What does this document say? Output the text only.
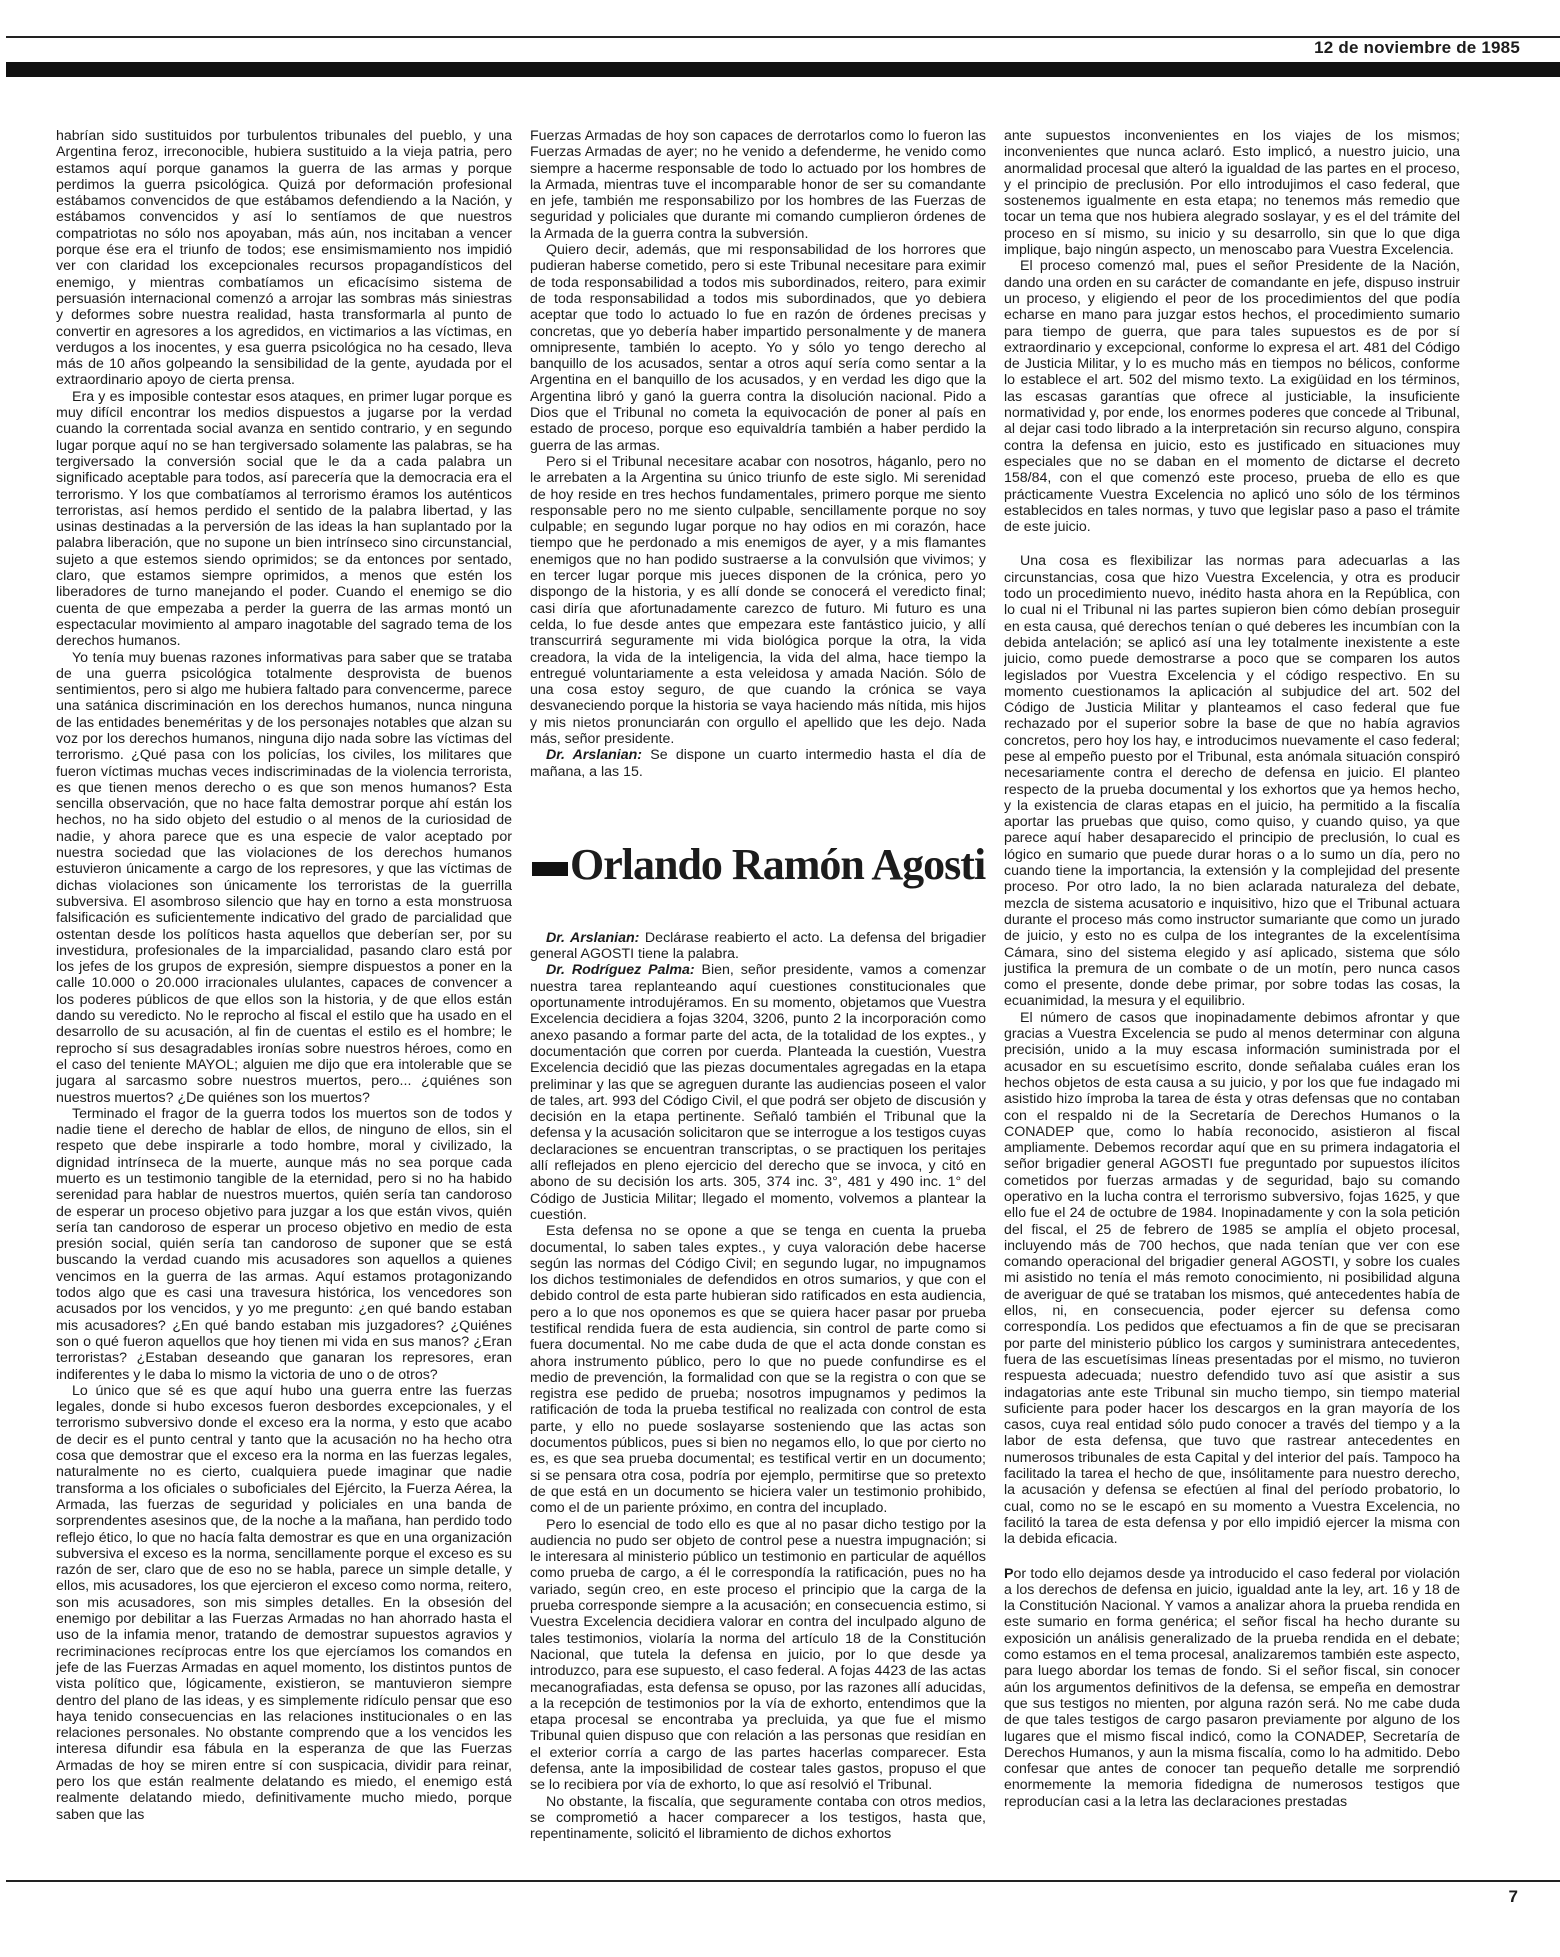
12 de noviembre de 1985

habrían sido sustituidos por turbulentos tribunales del pueblo, y una Argentina feroz, irreconocible, hubiera sustituido a la vieja patria, pero estamos aquí porque ganamos la guerra de las armas y porque perdimos la guerra psicológica. Quizá por deformación profesional estábamos convencidos de que estábamos defendiendo a la Nación, y estábamos convencidos y así lo sentíamos de que nuestros compatriotas no sólo nos apoyaban, más aún, nos incitaban a vencer porque ése era el triunfo de todos; ese ensimismamiento nos impidió ver con claridad los excepcionales recursos propagandísticos del enemigo, y mientras combatíamos un eficacísimo sistema de persuasión internacional comenzó a arrojar las sombras más siniestras y deformes sobre nuestra realidad, hasta transformarla al punto de convertir en agresores a los agredidos, en victimarios a las víctimas, en verdugos a los inocentes, y esa guerra psicológica no ha cesado, lleva más de 10 años golpeando la sensibilidad de la gente, ayudada por el extraordinario apoyo de cierta prensa.

Era y es imposible contestar esos ataques, en primer lugar porque es muy difícil encontrar los medios dispuestos a jugarse por la verdad cuando la correntada social avanza en sentido contrario, y en segundo lugar porque aquí no se han tergiversado solamente las palabras, se ha tergiversado la conversión social que le da a cada palabra un significado aceptable para todos, así parecería que la democracia era el terrorismo. Y los que combatíamos al terrorismo éramos los auténticos terroristas, así hemos perdido el sentido de la palabra libertad, y las usinas destinadas a la perversión de las ideas la han suplantado por la palabra liberación, que no supone un bien intrínseco sino circunstancial, sujeto a que estemos siendo oprimidos; se da entonces por sentado, claro, que estamos siempre oprimidos, a menos que estén los liberadores de turno manejando el poder. Cuando el enemigo se dio cuenta de que empezaba a perder la guerra de las armas montó un espectacular movimiento al amparo inagotable del sagrado tema de los derechos humanos.

Yo tenía muy buenas razones informativas para saber que se trataba de una guerra psicológica totalmente desprovista de buenos sentimientos, pero si algo me hubiera faltado para convencerme, parece una satánica discriminación en los derechos humanos, nunca ninguna de las entidades beneméritas y de los personajes notables que alzan su voz por los derechos humanos, ninguna dijo nada sobre las víctimas del terrorismo. ¿Qué pasa con los policías, los civiles, los militares que fueron víctimas muchas veces indiscriminadas de la violencia terrorista, es que tienen menos derecho o es que son menos humanos? Esta sencilla observación, que no hace falta demostrar porque ahí están los hechos, no ha sido objeto del estudio o al menos de la curiosidad de nadie, y ahora parece que es una especie de valor aceptado por nuestra sociedad que las violaciones de los derechos humanos estuvieron únicamente a cargo de los represores, y que las víctimas de dichas violaciones son únicamente los terroristas de la guerrilla subversiva. El asombroso silencio que hay en torno a esta monstruosa falsificación es suficientemente indicativo del grado de parcialidad que ostentan desde los políticos hasta aquellos que deberían ser, por su investidura, profesionales de la imparcialidad, pasando claro está por los jefes de los grupos de expresión, siempre dispuestos a poner en la calle 10.000 o 20.000 irracionales ululantes, capaces de convencer a los poderes públicos de que ellos son la historia, y de que ellos están dando su veredicto. No le reprocho al fiscal el estilo que ha usado en el desarrollo de su acusación, al fin de cuentas el estilo es el hombre; le reprocho sí sus desagradables ironías sobre nuestros héroes, como en el caso del teniente MAYOL; alguien me dijo que era intolerable que se jugara al sarcasmo sobre nuestros muertos, pero... ¿quiénes son nuestros muertos? ¿De quiénes son los muertos?

Terminado el fragor de la guerra todos los muertos son de todos y nadie tiene el derecho de hablar de ellos, de ninguno de ellos, sin el respeto que debe inspirarle a todo hombre, moral y civilizado, la dignidad intrínseca de la muerte, aunque más no sea porque cada muerto es un testimonio tangible de la eternidad, pero si no ha habido serenidad para hablar de nuestros muertos, quién sería tan candoroso de esperar un proceso objetivo para juzgar a los que están vivos, quién sería tan candoroso de esperar un proceso objetivo en medio de esta presión social, quién sería tan candoroso de suponer que se está buscando la verdad cuando mis acusadores son aquellos a quienes vencimos en la guerra de las armas. Aquí estamos protagonizando todos algo que es casi una travesura histórica, los vencedores son acusados por los vencidos, y yo me pregunto: ¿en qué bando estaban mis acusadores? ¿En qué bando estaban mis juzgadores? ¿Quiénes son o qué fueron aquellos que hoy tienen mi vida en sus manos? ¿Eran terroristas? ¿Estaban deseando que ganaran los represores, eran indiferentes y le daba lo mismo la victoria de uno o de otros?

Lo único que sé es que aquí hubo una guerra entre las fuerzas legales, donde si hubo excesos fueron desbordes excepcionales, y el terrorismo subversivo donde el exceso era la norma, y esto que acabo de decir es el punto central y tanto que la acusación no ha hecho otra cosa que demostrar que el exceso era la norma en las fuerzas legales, naturalmente no es cierto, cualquiera puede imaginar que nadie transforma a los oficiales o suboficiales del Ejército, la Fuerza Aérea, la Armada, las fuerzas de seguridad y policiales en una banda de sorprendentes asesinos que, de la noche a la mañana, han perdido todo reflejo ético, lo que no hacía falta demostrar es que en una organización subversiva el exceso es la norma, sencillamente porque el exceso es su razón de ser, claro que de eso no se habla, parece un simple detalle, y ellos, mis acusadores, los que ejercieron el exceso como norma, reitero, son mis acusadores, son mis simples detalles. En la obsesión del enemigo por debilitar a las Fuerzas Armadas no han ahorrado hasta el uso de la infamia menor, tratando de demostrar supuestos agravios y recriminaciones recíprocas entre los que ejercíamos los comandos en jefe de las Fuerzas Armadas en aquel momento, los distintos puntos de vista político que, lógicamente, existieron, se mantuvieron siempre dentro del plano de las ideas, y es simplemente ridículo pensar que eso haya tenido consecuencias en las relaciones institucionales o en las relaciones personales. No obstante comprendo que a los vencidos les interesa difundir esa fábula en la esperanza de que las Fuerzas Armadas de hoy se miren entre sí con suspicacia, dividir para reinar, pero los que están realmente delatando es miedo, el enemigo está realmente delatando miedo, definitivamente mucho miedo, porque saben que las

Fuerzas Armadas de hoy son capaces de derrotarlos como lo fueron las Fuerzas Armadas de ayer; no he venido a defenderme, he venido como siempre a hacerme responsable de todo lo actuado por los hombres de la Armada, mientras tuve el incomparable honor de ser su comandante en jefe, también me responsabilizo por los hombres de las Fuerzas de seguridad y policiales que durante mi comando cumplieron órdenes de la Armada de la guerra contra la subversión.

Quiero decir, además, que mi responsabilidad de los horrores que pudieran haberse cometido, pero si este Tribunal necesitare para eximir de toda responsabilidad a todos mis subordinados, reitero, para eximir de toda responsabilidad a todos mis subordinados, que yo debiera aceptar que todo lo actuado lo fue en razón de órdenes precisas y concretas, que yo debería haber impartido personalmente y de manera omnipresente, también lo acepto. Yo y sólo yo tengo derecho al banquillo de los acusados, sentar a otros aquí sería como sentar a la Argentina en el banquillo de los acusados, y en verdad les digo que la Argentina libró y ganó la guerra contra la disolución nacional. Pido a Dios que el Tribunal no cometa la equivocación de poner al país en estado de proceso, porque eso equivaldría también a haber perdido la guerra de las armas.

Pero si el Tribunal necesitare acabar con nosotros, háganlo, pero no le arrebaten a la Argentina su único triunfo de este siglo. Mi serenidad de hoy reside en tres hechos fundamentales, primero porque me siento responsable pero no me siento culpable, sencillamente porque no soy culpable; en segundo lugar porque no hay odios en mi corazón, hace tiempo que he perdonado a mis enemigos de ayer, y a mis flamantes enemigos que no han podido sustraerse a la convulsión que vivimos; y en tercer lugar porque mis jueces disponen de la crónica, pero yo dispongo de la historia, y es allí donde se conocerá el veredicto final; casi diría que afortunadamente carezco de futuro. Mi futuro es una celda, lo fue desde antes que empezara este fantástico juicio, y allí transcurrirá seguramente mi vida biológica porque la otra, la vida creadora, la vida de la inteligencia, la vida del alma, hace tiempo la entregué voluntariamente a esta veleidosa y amada Nación. Sólo de una cosa estoy seguro, de que cuando la crónica se vaya desvaneciendo porque la historia se vaya haciendo más nítida, mis hijos y mis nietos pronunciarán con orgullo el apellido que les dejo. Nada más, señor presidente.

Dr. Arslanian: Se dispone un cuarto intermedio hasta el día de mañana, a las 15.

Orlando Ramón Agosti

Dr. Arslanian: Declárase reabierto el acto. La defensa del brigadier general AGOSTI tiene la palabra.

Dr. Rodríguez Palma: Bien, señor presidente, vamos a comenzar nuestra tarea replanteando aquí cuestiones constitucionales que oportunamente introdujéramos. En su momento, objetamos que Vuestra Excelencia decidiera a fojas 3204, 3206, punto 2 la incorporación como anexo pasando a formar parte del acta, de la totalidad de los exptes., y documentación que corren por cuerda. Planteada la cuestión, Vuestra Excelencia decidió que las piezas documentales agregadas en la etapa preliminar y las que se agreguen durante las audiencias poseen el valor de tales, art. 993 del Código Civil, el que podrá ser objeto de discusión y decisión en la etapa pertinente. Señaló también el Tribunal que la defensa y la acusación solicitaron que se interrogue a los testigos cuyas declaraciones se encuentran transcriptas, o se practiquen los peritajes allí reflejados en pleno ejercicio del derecho que se invoca, y citó en abono de su decisión los arts. 305, 374 inc. 3°, 481 y 490 inc. 1° del Código de Justicia Militar; llegado el momento, volvemos a plantear la cuestión.

Esta defensa no se opone a que se tenga en cuenta la prueba documental, lo saben tales exptes., y cuya valoración debe hacerse según las normas del Código Civil; en segundo lugar, no impugnamos los dichos testimoniales de defendidos en otros sumarios, y que con el debido control de esta parte hubieran sido ratificados en esta audiencia, pero a lo que nos oponemos es que se quiera hacer pasar por prueba testifical rendida fuera de esta audiencia, sin control de parte como si fuera documental. No me cabe duda de que el acta donde constan es ahora instrumento público, pero lo que no puede confundirse es el medio de prevención, la formalidad con que se la registra o con que se registra ese pedido de prueba; nosotros impugnamos y pedimos la ratificación de toda la prueba testifical no realizada con control de esta parte, y ello no puede soslayarse sosteniendo que las actas son documentos públicos, pues si bien no negamos ello, lo que por cierto no es, es que sea prueba documental; es testifical vertir en un documento; si se pensara otra cosa, podría por ejemplo, permitirse que so pretexto de que está en un documento se hiciera valer un testimonio prohibido, como el de un pariente próximo, en contra del incuplado.

Pero lo esencial de todo ello es que al no pasar dicho testigo por la audiencia no pudo ser objeto de control pese a nuestra impugnación; si le interesara al ministerio público un testimonio en particular de aquéllos como prueba de cargo, a él le correspondía la ratificación, pues no ha variado, según creo, en este proceso el principio que la carga de la prueba corresponde siempre a la acusación; en consecuencia estimo, si Vuestra Excelencia decidiera valorar en contra del inculpado alguno de tales testimonios, violaría la norma del artículo 18 de la Constitución Nacional, que tutela la defensa en juicio, por lo que desde ya introduzco, para ese supuesto, el caso federal. A fojas 4423 de las actas mecanografiadas, esta defensa se opuso, por las razones allí aducidas, a la recepción de testimonios por la vía de exhorto, entendimos que la etapa procesal se encontraba ya precluida, ya que fue el mismo Tribunal quien dispuso que con relación a las personas que residían en el exterior corría a cargo de las partes hacerlas comparecer. Esta defensa, ante la imposibilidad de costear tales gastos, propuso el que se lo recibiera por vía de exhorto, lo que así resolvió el Tribunal.

No obstante, la fiscalía, que seguramente contaba con otros medios, se comprometió a hacer comparecer a los testigos, hasta que, repentinamente, solicitó el libramiento de dichos exhortos

ante supuestos inconvenientes en los viajes de los mismos; inconvenientes que nunca aclaró. Esto implicó, a nuestro juicio, una anormalidad procesal que alteró la igualdad de las partes en el proceso, y el principio de preclusión. Por ello introdujimos el caso federal, que sostenemos igualmente en esta etapa; no tenemos más remedio que tocar un tema que nos hubiera alegrado soslayar, y es el del trámite del proceso en sí mismo, su inicio y su desarrollo, sin que lo que diga implique, bajo ningún aspecto, un menoscabo para Vuestra Excelencia.

El proceso comenzó mal, pues el señor Presidente de la Nación, dando una orden en su carácter de comandante en jefe, dispuso instruir un proceso, y eligiendo el peor de los procedimientos del que podía echarse en mano para juzgar estos hechos, el procedimiento sumario para tiempo de guerra, que para tales supuestos es de por sí extraordinario y excepcional, conforme lo expresa el art. 481 del Código de Justicia Militar, y lo es mucho más en tiempos no bélicos, conforme lo establece el art. 502 del mismo texto. La exigüidad en los términos, las escasas garantías que ofrece al justiciable, la insuficiente normatividad y, por ende, los enormes poderes que concede al Tribunal, al dejar casi todo librado a la interpretación sin recurso alguno, conspira contra la defensa en juicio, esto es justificado en situaciones muy especiales que no se daban en el momento de dictarse el decreto 158/84, con el que comenzó este proceso, prueba de ello es que prácticamente Vuestra Excelencia no aplicó uno sólo de los términos establecidos en tales normas, y tuvo que legislar paso a paso el trámite de este juicio.

Una cosa es flexibilizar las normas para adecuarlas a las circunstancias, cosa que hizo Vuestra Excelencia, y otra es producir todo un procedimiento nuevo, inédito hasta ahora en la República, con lo cual ni el Tribunal ni las partes supieron bien cómo debían proseguir en esta causa, qué derechos tenían o qué deberes les incumbían con la debida antelación; se aplicó así una ley totalmente inexistente a este juicio, como puede demostrarse a poco que se comparen los autos legislados por Vuestra Excelencia y el código respectivo. En su momento cuestionamos la aplicación al subjudice del art. 502 del Código de Justicia Militar y planteamos el caso federal que fue rechazado por el superior sobre la base de que no había agravios concretos, pero hoy los hay, e introducimos nuevamente el caso federal; pese al empeño puesto por el Tribunal, esta anómala situación conspiró necesariamente contra el derecho de defensa en juicio. El planteo respecto de la prueba documental y los exhortos que ya hemos hecho, y la existencia de claras etapas en el juicio, ha permitido a la fiscalía aportar las pruebas que quiso, como quiso, y cuando quiso, ya que parece aquí haber desaparecido el principio de preclusión, lo cual es lógico en sumario que puede durar horas o a lo sumo un día, pero no cuando tiene la importancia, la extensión y la complejidad del presente proceso. Por otro lado, la no bien aclarada naturaleza del debate, mezcla de sistema acusatorio e inquisitivo, hizo que el Tribunal actuara durante el proceso más como instructor sumariante que como un jurado de juicio, y esto no es culpa de los integrantes de la excelentísima Cámara, sino del sistema elegido y así aplicado, sistema que sólo justifica la premura de un combate o de un motín, pero nunca casos como el presente, donde debe primar, por sobre todas las cosas, la ecuanimidad, la mesura y el equilibrio.

El número de casos que inopinadamente debimos afrontar y que gracias a Vuestra Excelencia se pudo al menos determinar con alguna precisión, unido a la muy escasa información suministrada por el acusador en su escuetísimo escrito, donde señalaba cuáles eran los hechos objetos de esta causa a su juicio, y por los que fue indagado mi asistido hizo ímproba la tarea de ésta y otras defensas que no contaban con el respaldo ni de la Secretaría de Derechos Humanos o la CONADEP que, como lo había reconocido, asistieron al fiscal ampliamente. Debemos recordar aquí que en su primera indagatoria el señor brigadier general AGOSTI fue preguntado por supuestos ilícitos cometidos por fuerzas armadas y de seguridad, bajo su comando operativo en la lucha contra el terrorismo subversivo, fojas 1625, y que ello fue el 24 de octubre de 1984. Inopinadamente y con la sola petición del fiscal, el 25 de febrero de 1985 se amplía el objeto procesal, incluyendo más de 700 hechos, que nada tenían que ver con ese comando operacional del brigadier general AGOSTI, y sobre los cuales mi asistido no tenía el más remoto conocimiento, ni posibilidad alguna de averiguar de qué se trataban los mismos, qué antecedentes había de ellos, ni, en consecuencia, poder ejercer su defensa como correspondía. Los pedidos que efectuamos a fin de que se precisaran por parte del ministerio público los cargos y suministrara antecedentes, fuera de las escuetísimas líneas presentadas por el mismo, no tuvieron respuesta adecuada; nuestro defendido tuvo así que asistir a sus indagatorias ante este Tribunal sin mucho tiempo, sin tiempo material suficiente para poder hacer los descargos en la gran mayoría de los casos, cuya real entidad sólo pudo conocer a través del tiempo y a la labor de esta defensa, que tuvo que rastrear antecedentes en numerosos tribunales de esta Capital y del interior del país. Tampoco ha facilitado la tarea el hecho de que, insólitamente para nuestro derecho, la acusación y defensa se efectúen al final del período probatorio, lo cual, como no se le escapó en su momento a Vuestra Excelencia, no facilitó la tarea de esta defensa y por ello impidió ejercer la misma con la debida eficacia.

Por todo ello dejamos desde ya introducido el caso federal por violación a los derechos de defensa en juicio, igualdad ante la ley, art. 16 y 18 de la Constitución Nacional. Y vamos a analizar ahora la prueba rendida en este sumario en forma genérica; el señor fiscal ha hecho durante su exposición un análisis generalizado de la prueba rendida en el debate; como estamos en el tema procesal, analizaremos también este aspecto, para luego abordar los temas de fondo. Si el señor fiscal, sin conocer aún los argumentos definitivos de la defensa, se empeña en demostrar que sus testigos no mienten, por alguna razón será. No me cabe duda de que tales testigos de cargo pasaron previamente por alguno de los lugares que el mismo fiscal indicó, como la CONADEP, Secretaría de Derechos Humanos, y aun la misma fiscalía, como lo ha admitido. Debo confesar que antes de conocer tan pequeño detalle me sorprendió enormemente la memoria fidedigna de numerosos testigos que reproducían casi a la letra las declaraciones prestadas

7
